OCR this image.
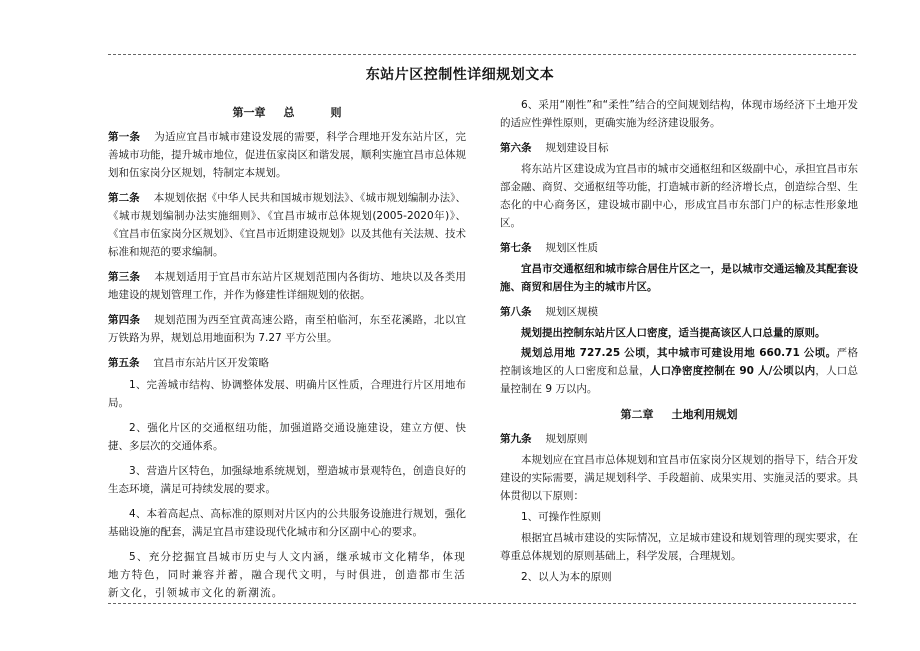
东站片区控制性详细规划文本
第一章 总	则

第一条 为适应宜昌市城市建设发展的需要，科学合理地开发东站片区，完善城市功能，提升城市地位，促进伍家岗区和谐发展，顺利实施宜昌市总体规划和伍家岗分区规划，特制定本规划。

第二条 本规划依据《中华人民共和国城市规划法》、《城市规划编制办法》、《城市规划编制办法实施细则》、《宜昌市城市总体规划(2005-2020年)》、《宜昌市伍家岗分区规划》、《宜昌市近期建设规划》以及其他有关法规、技术标准和规范的要求编制。

第三条 本规划适用于宜昌市东站片区规划范围内各街坊、地块以及各类用地建设的规划管理工作，并作为修建性详细规划的依据。

第四条 规划范围为西至宜黄高速公路，南至柏临河，东至花溪路，北以宜万铁路为界，规划总用地面积为 7.27 平方公里。

第五条 宜昌市东站片区开发策略

1、完善城市结构、协调整体发展、明确片区性质，合理进行片区用地布局。

2、强化片区的交通枢纽功能，加强道路交通设施建设，建立方便、快捷、多层次的交通体系。

3、营造片区特色，加强绿地系统规划，塑造城市景观特色，创造良好的生态环境，满足可持续发展的要求。

4、本着高起点、高标准的原则对片区内的公共服务设施进行规划，强化基础设施的配套，满足宜昌市建设现代化城市和分区副中心的要求。

5、充分挖掘宜昌城市历史与人文内涵，继承城市文化精华，体现地方特色，同时兼容并蓄，融合现代文明，与时俱进，创造都市生活新文化，引领城市文化的新潮流。

6、采用“刚性”和“柔性”结合的空间规划结构，体现市场经济下土地开发的适应性弹性原则，更确实施为经济建设服务。

第六条 规划建设目标

将东站片区建设成为宜昌市的城市交通枢纽和区级副中心，承担宜昌市东部金融、商贸、交通枢纽等功能，打造城市新的经济增长点，创造综合型、生态化的中心商务区，建设城市副中心，形成宜昌市东部门户的标志性形象地区。

第七条 规划区性质

宜昌市交通枢纽和城市综合居住片区之一，是以城市交通运输及其配套设施、商贸和居住为主的城市片区。

第八条 规划区规模

规划提出控制东站片区人口密度，适当提高该区人口总量的原则。

规划总用地 727.25 公顷，其中城市可建设用地 660.71 公顷。严格控制该地区的人口密度和总量，人口净密度控制在 90 人/公顷以内，人口总量控制在 9 万以内。

第二章 土地利用规划

第九条 规划原则

本规划应在宜昌市总体规划和宜昌市伍家岗分区规划的指导下，结合开发建设的实际需要，满足规划科学、手段超前、成果实用、实施灵活的要求。具体贯彻以下原则：

1、可操作性原则

根据宜昌城市建设的实际情况，立足城市建设和规划管理的现实要求，在尊重总体规划的原则基础上，科学发展，合理规划。

2、以人为本的原则
